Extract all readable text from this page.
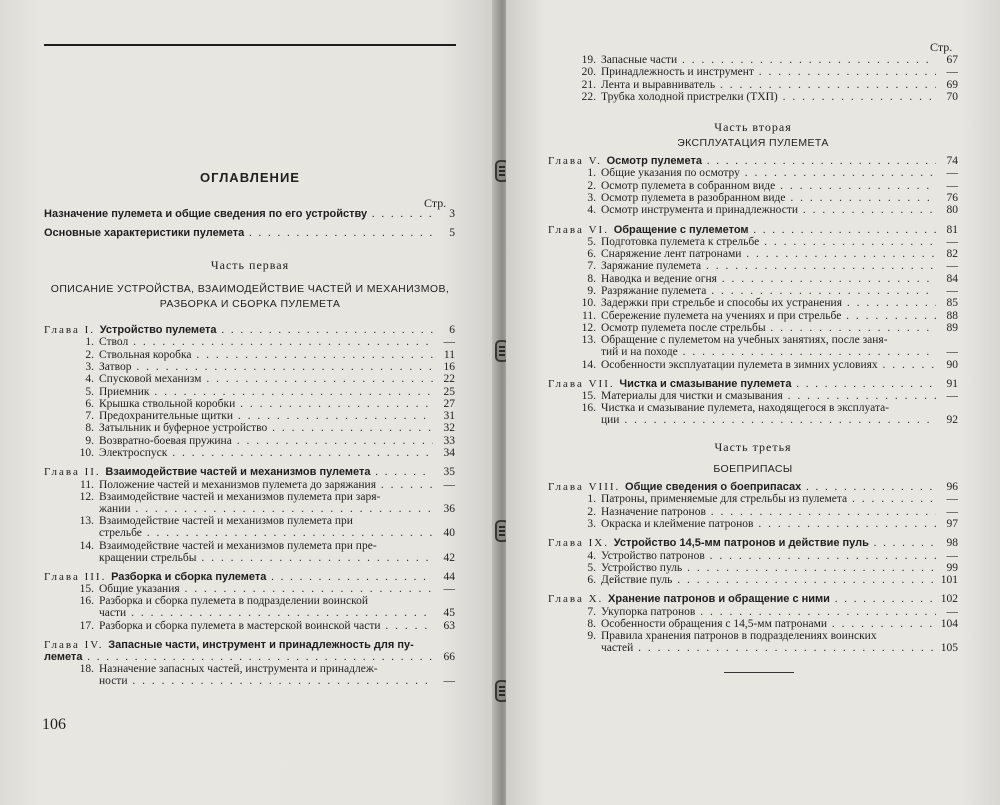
ОГЛАВЛЕНИЕ
Стр.
Назначение пулемета и общие сведения по его устройству . . .	3
Основные характеристики пулемета . . .	5
Часть первая
ОПИСАНИЕ УСТРОЙСТВА, ВЗАИМОДЕЙСТВИЕ ЧАСТЕЙ И МЕХАНИЗМОВ,
РАЗБОРКА И СБОРКА ПУЛЕМЕТА
Глава I. Устройство пулемета . . .	6
1. Ствол . . .	—
2. Ствольная коробка . . .	11
3. Затвор . . .	16
4. Спусковой механизм . . .	22
5. Приемник . . .	25
6. Крышка ствольной коробки . . .	27
7. Предохранительные щитки . . .	31
8. Затыльник и буферное устройство . . .	32
9. Возвратно-боевая пружина . . .	33
10. Электроспуск . . .	34
Глава II. Взаимодействие частей и механизмов пулемета . . .	35
11. Положение частей и механизмов пулемета до заряжания . . .	—
12. Взаимодействие частей и механизмов пулемета при заря-
жании . . .	36
13. Взаимодействие частей и механизмов пулемета при
стрельбе . . .	40
14. Взаимодействие частей и механизмов пулемета при пре-
кращении стрельбы . . .	42
Глава III. Разборка и сборка пулемета . . .	44
15. Общие указания . . .	—
16. Разборка и сборка пулемета в подразделении воинской
части . . .	45
17. Разборка и сборка пулемета в мастерской воинской части . . .	63
Глава IV. Запасные части, инструмент и принадлежность для пу-
лемета . . .	66
18. Назначение запасных частей, инструмента и принадлеж-
ности . . .	—
106
Стр.
19. Запасные части . . .	67
20. Принадлежность и инструмент . . .	—
21. Лента и выравниватель . . .	69
22. Трубка холодной пристрелки (ТХП) . . .	70
Часть вторая
ЭКСПЛУАТАЦИЯ ПУЛЕМЕТА
Глава V. Осмотр пулемета . . .	74
1. Общие указания по осмотру . . .	—
2. Осмотр пулемета в собранном виде . . .	—
3. Осмотр пулемета в разобранном виде . . .	76
4. Осмотр инструмента и принадлежности . . .	80
Глава VI. Обращение с пулеметом . . .	81
5. Подготовка пулемета к стрельбе . . .	—
6. Снаряжение лент патронами . . .	82
7. Заряжание пулемета . . .	—
8. Наводка и ведение огня . . .	84
9. Разряжание пулемета . . .	—
10. Задержки при стрельбе и способы их устранения . . .	85
11. Сбережение пулемета на учениях и при стрельбе . . .	88
12. Осмотр пулемета после стрельбы . . .	89
13. Обращение с пулеметом на учебных занятиях, после заня-
тий и на походе . . .	—
14. Особенности эксплуатации пулемета в зимних условиях . . .	90
Глава VII. Чистка и смазывание пулемета . . .	91
15. Материалы для чистки и смазывания . . .	—
16. Чистка и смазывание пулемета, находящегося в эксплуата-
ции . . .	92
Часть третья
БОЕПРИПАСЫ
Глава VIII. Общие сведения о боеприпасах . . .	96
1. Патроны, применяемые для стрельбы из пулемета . . .	—
2. Назначение патронов . . .	—
3. Окраска и клеймение патронов . . .	97
Глава IX. Устройство 14,5-мм патронов и действие пуль . . .	98
4. Устройство патронов . . .	—
5. Устройство пуль . . .	99
6. Действие пуль . . .	101
Глава X. Хранение патронов и обращение с ними . . .	102
7. Укупорка патронов . . .	—
8. Особенности обращения с 14,5-мм патронами . . .	104
9. Правила хранения патронов в подразделениях воинских
частей . . .	105
